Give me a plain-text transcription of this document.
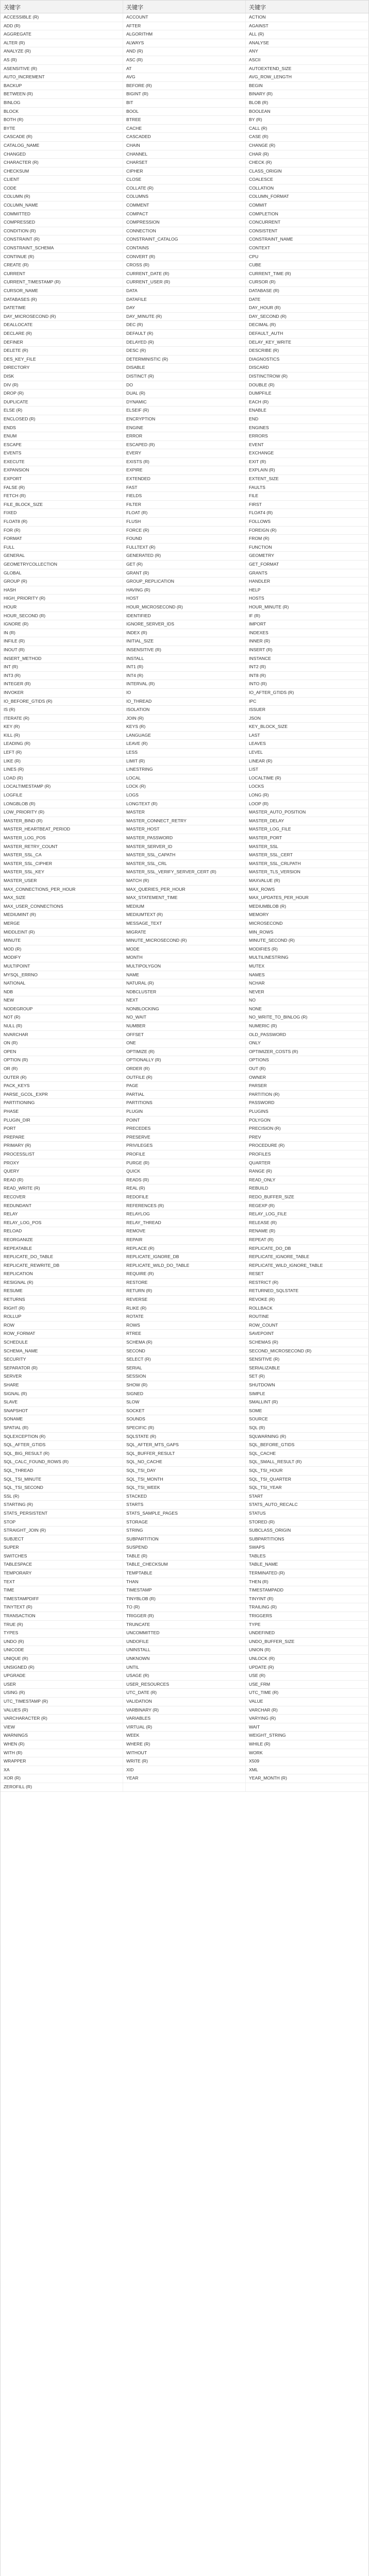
关键字	关键字	关键字
ACCESSIBLE (R)	ACCOUNT	ACTION
ADD (R)	AFTER	AGAINST
AGGREGATE	ALGORITHM	ALL (R)
ALTER (R)	ALWAYS	ANALYSE
ANALYZE (R)	AND (R)	ANY
AS (R)	ASC (R)	ASCII
ASENSITIVE (R)	AT	AUTOEXTEND_SIZE
AUTO_INCREMENT	AVG	AVG_ROW_LENGTH
BACKUP	BEFORE (R)	BEGIN
BETWEEN (R)	BIGINT (R)	BINARY (R)
BINLOG	BIT	BLOB (R)
BLOCK	BOOL	BOOLEAN
BOTH (R)	BTREE	BY (R)
BYTE	CACHE	CALL (R)
CASCADE (R)	CASCADED	CASE (R)
CATALOG_NAME	CHAIN	CHANGE (R)
CHANGED	CHANNEL	CHAR (R)
CHARACTER (R)	CHARSET	CHECK (R)
CHECKSUM	CIPHER	CLASS_ORIGIN
CLIENT	CLOSE	COALESCE
CODE	COLLATE (R)	COLLATION
COLUMN (R)	COLUMNS	COLUMN_FORMAT
COLUMN_NAME	COMMENT	COMMIT
COMMITTED	COMPACT	COMPLETION
COMPRESSED	COMPRESSION	CONCURRENT
CONDITION (R)	CONNECTION	CONSISTENT
CONSTRAINT (R)	CONSTRAINT_CATALOG	CONSTRAINT_NAME
CONSTRAINT_SCHEMA	CONTAINS	CONTEXT
CONTINUE (R)	CONVERT (R)	CPU
CREATE (R)	CROSS (R)	CUBE
CURRENT	CURRENT_DATE (R)	CURRENT_TIME (R)
CURRENT_TIMESTAMP (R)	CURRENT_USER (R)	CURSOR (R)
CURSOR_NAME	DATA	DATABASE (R)
DATABASES (R)	DATAFILE	DATE
DATETIME	DAY	DAY_HOUR (R)
DAY_MICROSECOND (R)	DAY_MINUTE (R)	DAY_SECOND (R)
DEALLOCATE	DEC (R)	DECIMAL (R)
DECLARE (R)	DEFAULT (R)	DEFAULT_AUTH
DEFINER	DELAYED (R)	DELAY_KEY_WRITE
DELETE (R)	DESC (R)	DESCRIBE (R)
DES_KEY_FILE	DETERMINISTIC (R)	DIAGNOSTICS
DIRECTORY	DISABLE	DISCARD
DISK	DISTINCT (R)	DISTINCTROW (R)
DIV (R)	DO	DOUBLE (R)
DROP (R)	DUAL (R)	DUMPFILE
DUPLICATE	DYNAMIC	EACH (R)
ELSE (R)	ELSEIF (R)	ENABLE
ENCLOSED (R)	ENCRYPTION	END
ENDS	ENGINE	ENGINES
ENUM	ERROR	ERRORS
ESCAPE	ESCAPED (R)	EVENT
EVENTS	EVERY	EXCHANGE
EXECUTE	EXISTS (R)	EXIT (R)
EXPANSION	EXPIRE	EXPLAIN (R)
EXPORT	EXTENDED	EXTENT_SIZE
FALSE (R)	FAST	FAULTS
FETCH (R)	FIELDS	FILE
FILE_BLOCK_SIZE	FILTER	FIRST
FIXED	FLOAT (R)	FLOAT4 (R)
FLOAT8 (R)	FLUSH	FOLLOWS
FOR (R)	FORCE (R)	FOREIGN (R)
FORMAT	FOUND	FROM (R)
FULL	FULLTEXT (R)	FUNCTION
GENERAL	GENERATED (R)	GEOMETRY
GEOMETRYCOLLECTION	GET (R)	GET_FORMAT
GLOBAL	GRANT (R)	GRANTS
GROUP (R)	GROUP_REPLICATION	HANDLER
HASH	HAVING (R)	HELP
HIGH_PRIORITY (R)	HOST	HOSTS
HOUR	HOUR_MICROSECOND (R)	HOUR_MINUTE (R)
HOUR_SECOND (R)	IDENTIFIED	IF (R)
IGNORE (R)	IGNORE_SERVER_IDS	IMPORT
IN (R)	INDEX (R)	INDEXES
INFILE (R)	INITIAL_SIZE	INNER (R)
INOUT (R)	INSENSITIVE (R)	INSERT (R)
INSERT_METHOD	INSTALL	INSTANCE
INT (R)	INT1 (R)	INT2 (R)
INT3 (R)	INT4 (R)	INT8 (R)
INTEGER (R)	INTERVAL (R)	INTO (R)
INVOKER	IO	IO_AFTER_GTIDS (R)
IO_BEFORE_GTIDS (R)	IO_THREAD	IPC
IS (R)	ISOLATION	ISSUER
ITERATE (R)	JOIN (R)	JSON
KEY (R)	KEYS (R)	KEY_BLOCK_SIZE
KILL (R)	LANGUAGE	LAST
LEADING (R)	LEAVE (R)	LEAVES
LEFT (R)	LESS	LEVEL
LIKE (R)	LIMIT (R)	LINEAR (R)
LINES (R)	LINESTRING	LIST
LOAD (R)	LOCAL	LOCALTIME (R)
LOCALTIMESTAMP (R)	LOCK (R)	LOCKS
LOGFILE	LOGS	LONG (R)
LONGBLOB (R)	LONGTEXT (R)	LOOP (R)
LOW_PRIORITY (R)	MASTER	MASTER_AUTO_POSITION
MASTER_BIND (R)	MASTER_CONNECT_RETRY	MASTER_DELAY
MASTER_HEARTBEAT_PERIOD	MASTER_HOST	MASTER_LOG_FILE
MASTER_LOG_POS	MASTER_PASSWORD	MASTER_PORT
MASTER_RETRY_COUNT	MASTER_SERVER_ID	MASTER_SSL
MASTER_SSL_CA	MASTER_SSL_CAPATH	MASTER_SSL_CERT
MASTER_SSL_CIPHER	MASTER_SSL_CRL	MASTER_SSL_CRLPATH
MASTER_SSL_KEY	MASTER_SSL_VERIFY_SERVER_CERT (R)	MASTER_TLS_VERSION
MASTER_USER	MATCH (R)	MAXVALUE (R)
MAX_CONNECTIONS_PER_HOUR	MAX_QUERIES_PER_HOUR	MAX_ROWS
MAX_SIZE	MAX_STATEMENT_TIME	MAX_UPDATES_PER_HOUR
MAX_USER_CONNECTIONS	MEDIUM	MEDIUMBLOB (R)
MEDIUMINT (R)	MEDIUMTEXT (R)	MEMORY
MERGE	MESSAGE_TEXT	MICROSECOND
MIDDLEINT (R)	MIGRATE	MIN_ROWS
MINUTE	MINUTE_MICROSECOND (R)	MINUTE_SECOND (R)
MOD (R)	MODE	MODIFIES (R)
MODIFY	MONTH	MULTILINESTRING
MULTIPOINT	MULTIPOLYGON	MUTEX
MYSQL_ERRNO	NAME	NAMES
NATIONAL	NATURAL (R)	NCHAR
NDB	NDBCLUSTER	NEVER
NEW	NEXT	NO
NODEGROUP	NONBLOCKING	NONE
NOT (R)	NO_WAIT	NO_WRITE_TO_BINLOG (R)
NULL (R)	NUMBER	NUMERIC (R)
NVARCHAR	OFFSET	OLD_PASSWORD
ON (R)	ONE	ONLY
OPEN	OPTIMIZE (R)	OPTIMIZER_COSTS (R)
OPTION (R)	OPTIONALLY (R)	OPTIONS
OR (R)	ORDER (R)	OUT (R)
OUTER (R)	OUTFILE (R)	OWNER
PACK_KEYS	PAGE	PARSER
PARSE_GCOL_EXPR	PARTIAL	PARTITION (R)
PARTITIONING	PARTITIONS	PASSWORD
PHASE	PLUGIN	PLUGINS
PLUGIN_DIR	POINT	POLYGON
PORT	PRECEDES	PRECISION (R)
PREPARE	PRESERVE	PREV
PRIMARY (R)	PRIVILEGES	PROCEDURE (R)
PROCESSLIST	PROFILE	PROFILES
PROXY	PURGE (R)	QUARTER
QUERY	QUICK	RANGE (R)
READ (R)	READS (R)	READ_ONLY
READ_WRITE (R)	REAL (R)	REBUILD
RECOVER	REDOFILE	REDO_BUFFER_SIZE
REDUNDANT	REFERENCES (R)	REGEXP (R)
RELAY	RELAYLOG	RELAY_LOG_FILE
RELAY_LOG_POS	RELAY_THREAD	RELEASE (R)
RELOAD	REMOVE	RENAME (R)
REORGANIZE	REPAIR	REPEAT (R)
REPEATABLE	REPLACE (R)	REPLICATE_DO_DB
REPLICATE_DO_TABLE	REPLICATE_IGNORE_DB	REPLICATE_IGNORE_TABLE
REPLICATE_REWRITE_DB	REPLICATE_WILD_DO_TABLE	REPLICATE_WILD_IGNORE_TABLE
REPLICATION	REQUIRE (R)	RESET
RESIGNAL (R)	RESTORE	RESTRICT (R)
RESUME	RETURN (R)	RETURNED_SQLSTATE
RETURNS	REVERSE	REVOKE (R)
RIGHT (R)	RLIKE (R)	ROLLBACK
ROLLUP	ROTATE	ROUTINE
ROW	ROWS	ROW_COUNT
ROW_FORMAT	RTREE	SAVEPOINT
SCHEDULE	SCHEMA (R)	SCHEMAS (R)
SCHEMA_NAME	SECOND	SECOND_MICROSECOND (R)
SECURITY	SELECT (R)	SENSITIVE (R)
SEPARATOR (R)	SERIAL	SERIALIZABLE
SERVER	SESSION	SET (R)
SHARE	SHOW (R)	SHUTDOWN
SIGNAL (R)	SIGNED	SIMPLE
SLAVE	SLOW	SMALLINT (R)
SNAPSHOT	SOCKET	SOME
SONAME	SOUNDS	SOURCE
SPATIAL (R)	SPECIFIC (R)	SQL (R)
SQLEXCEPTION (R)	SQLSTATE (R)	SQLWARNING (R)
SQL_AFTER_GTIDS	SQL_AFTER_MTS_GAPS	SQL_BEFORE_GTIDS
SQL_BIG_RESULT (R)	SQL_BUFFER_RESULT	SQL_CACHE
SQL_CALC_FOUND_ROWS (R)	SQL_NO_CACHE	SQL_SMALL_RESULT (R)
SQL_THREAD	SQL_TSI_DAY	SQL_TSI_HOUR
SQL_TSI_MINUTE	SQL_TSI_MONTH	SQL_TSI_QUARTER
SQL_TSI_SECOND	SQL_TSI_WEEK	SQL_TSI_YEAR
SSL (R)	STACKED	START
STARTING (R)	STARTS	STATS_AUTO_RECALC
STATS_PERSISTENT	STATS_SAMPLE_PAGES	STATUS
STOP	STORAGE	STORED (R)
STRAIGHT_JOIN (R)	STRING	SUBCLASS_ORIGIN
SUBJECT	SUBPARTITION	SUBPARTITIONS
SUPER	SUSPEND	SWAPS
SWITCHES	TABLE (R)	TABLES
TABLESPACE	TABLE_CHECKSUM	TABLE_NAME
TEMPORARY	TEMPTABLE	TERMINATED (R)
TEXT	THAN	THEN (R)
TIME	TIMESTAMP	TIMESTAMPADD
TIMESTAMPDIFF	TINYBLOB (R)	TINYINT (R)
TINYTEXT (R)	TO (R)	TRAILING (R)
TRANSACTION	TRIGGER (R)	TRIGGERS
TRUE (R)	TRUNCATE	TYPE
TYPES	UNCOMMITTED	UNDEFINED
UNDO (R)	UNDOFILE	UNDO_BUFFER_SIZE
UNICODE	UNINSTALL	UNION (R)
UNIQUE (R)	UNKNOWN	UNLOCK (R)
UNSIGNED (R)	UNTIL	UPDATE (R)
UPGRADE	USAGE (R)	USE (R)
USER	USER_RESOURCES	USE_FRM
USING (R)	UTC_DATE (R)	UTC_TIME (R)
UTC_TIMESTAMP (R)	VALIDATION	VALUE
VALUES (R)	VARBINARY (R)	VARCHAR (R)
VARCHARACTER (R)	VARIABLES	VARYING (R)
VIEW	VIRTUAL (R)	WAIT
WARNINGS	WEEK	WEIGHT_STRING
WHEN (R)	WHERE (R)	WHILE (R)
WITH (R)	WITHOUT	WORK
WRAPPER	WRITE (R)	X509
XA	XID	XML
XOR (R)	YEAR	YEAR_MONTH (R)
ZEROFILL (R)
